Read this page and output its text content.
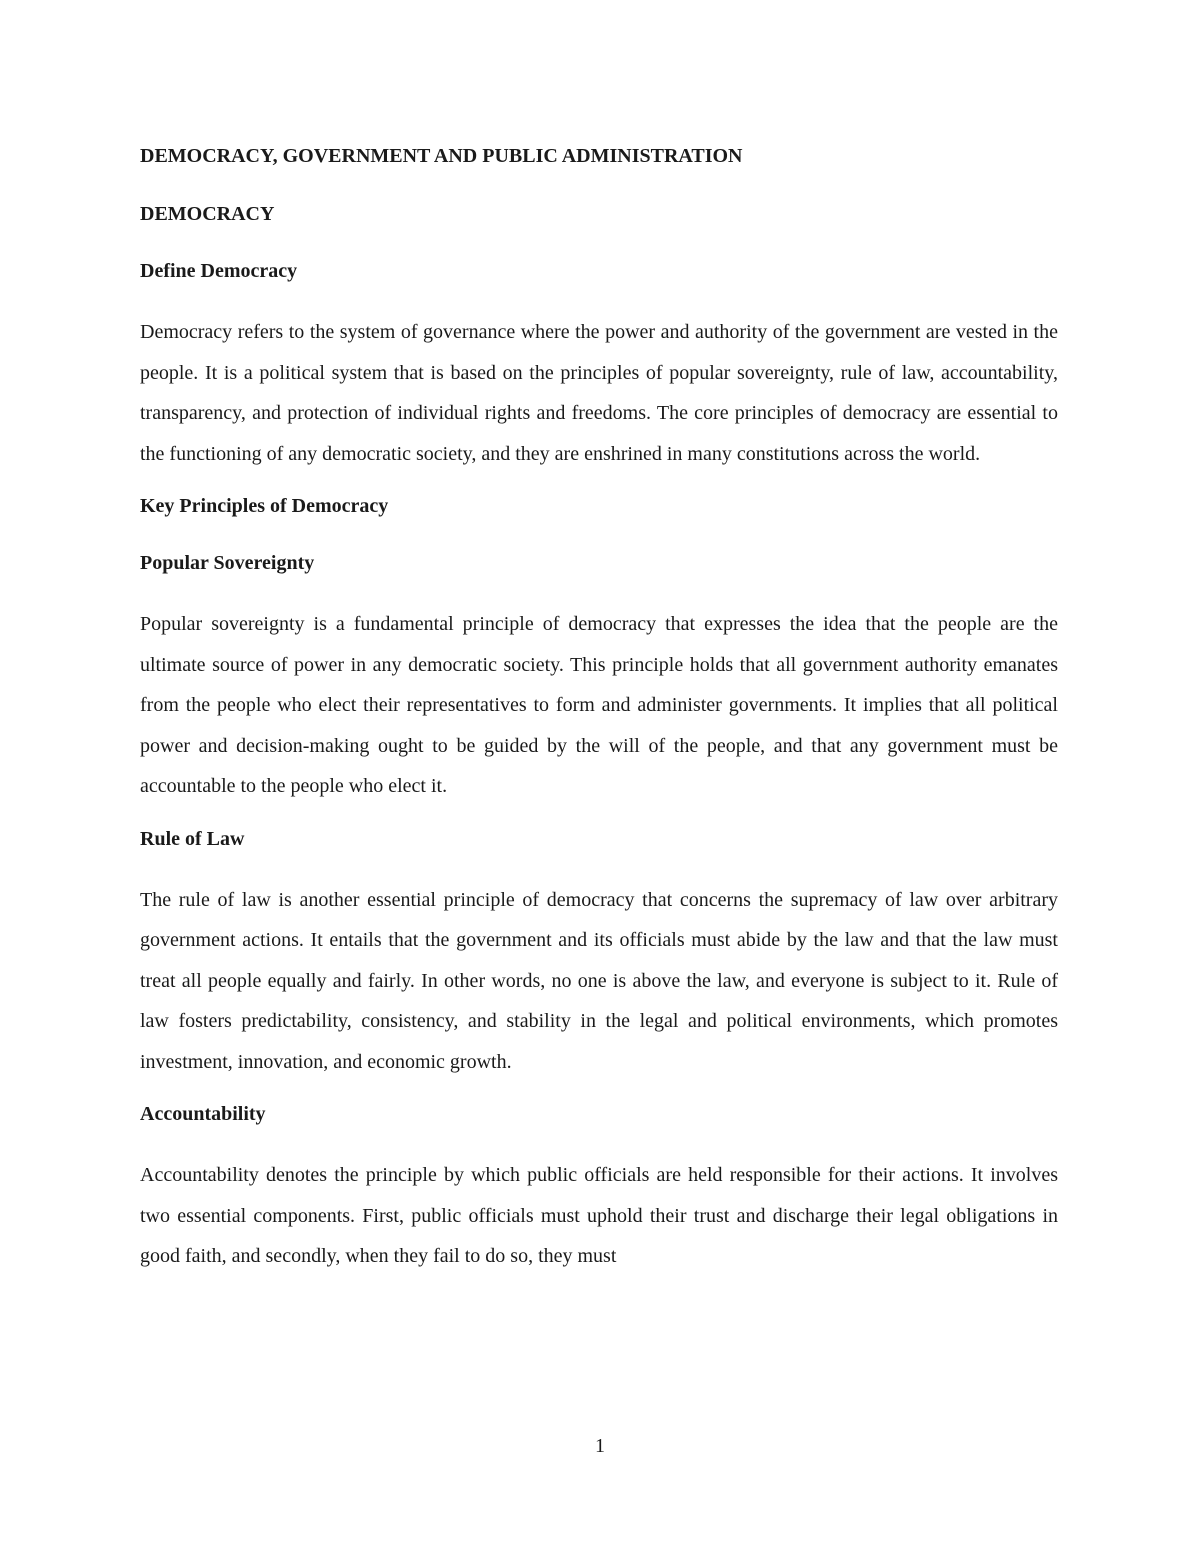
DEMOCRACY, GOVERNMENT AND PUBLIC ADMINISTRATION
DEMOCRACY
Define Democracy

Democracy refers to the system of governance where the power and authority of the government are vested in the people. It is a political system that is based on the principles of popular sovereignty, rule of law, accountability, transparency, and protection of individual rights and freedoms. The core principles of democracy are essential to the functioning of any democratic society, and they are enshrined in many constitutions across the world.

Key Principles of Democracy
Popular Sovereignty

Popular sovereignty is a fundamental principle of democracy that expresses the idea that the people are the ultimate source of power in any democratic society. This principle holds that all government authority emanates from the people who elect their representatives to form and administer governments. It implies that all political power and decision-making ought to be guided by the will of the people, and that any government must be accountable to the people who elect it.

Rule of Law

The rule of law is another essential principle of democracy that concerns the supremacy of law over arbitrary government actions. It entails that the government and its officials must abide by the law and that the law must treat all people equally and fairly. In other words, no one is above the law, and everyone is subject to it. Rule of law fosters predictability, consistency, and stability in the legal and political environments, which promotes investment, innovation, and economic growth.

Accountability

Accountability denotes the principle by which public officials are held responsible for their actions. It involves two essential components. First, public officials must uphold their trust and discharge their legal obligations in good faith, and secondly, when they fail to do so, they must

1
